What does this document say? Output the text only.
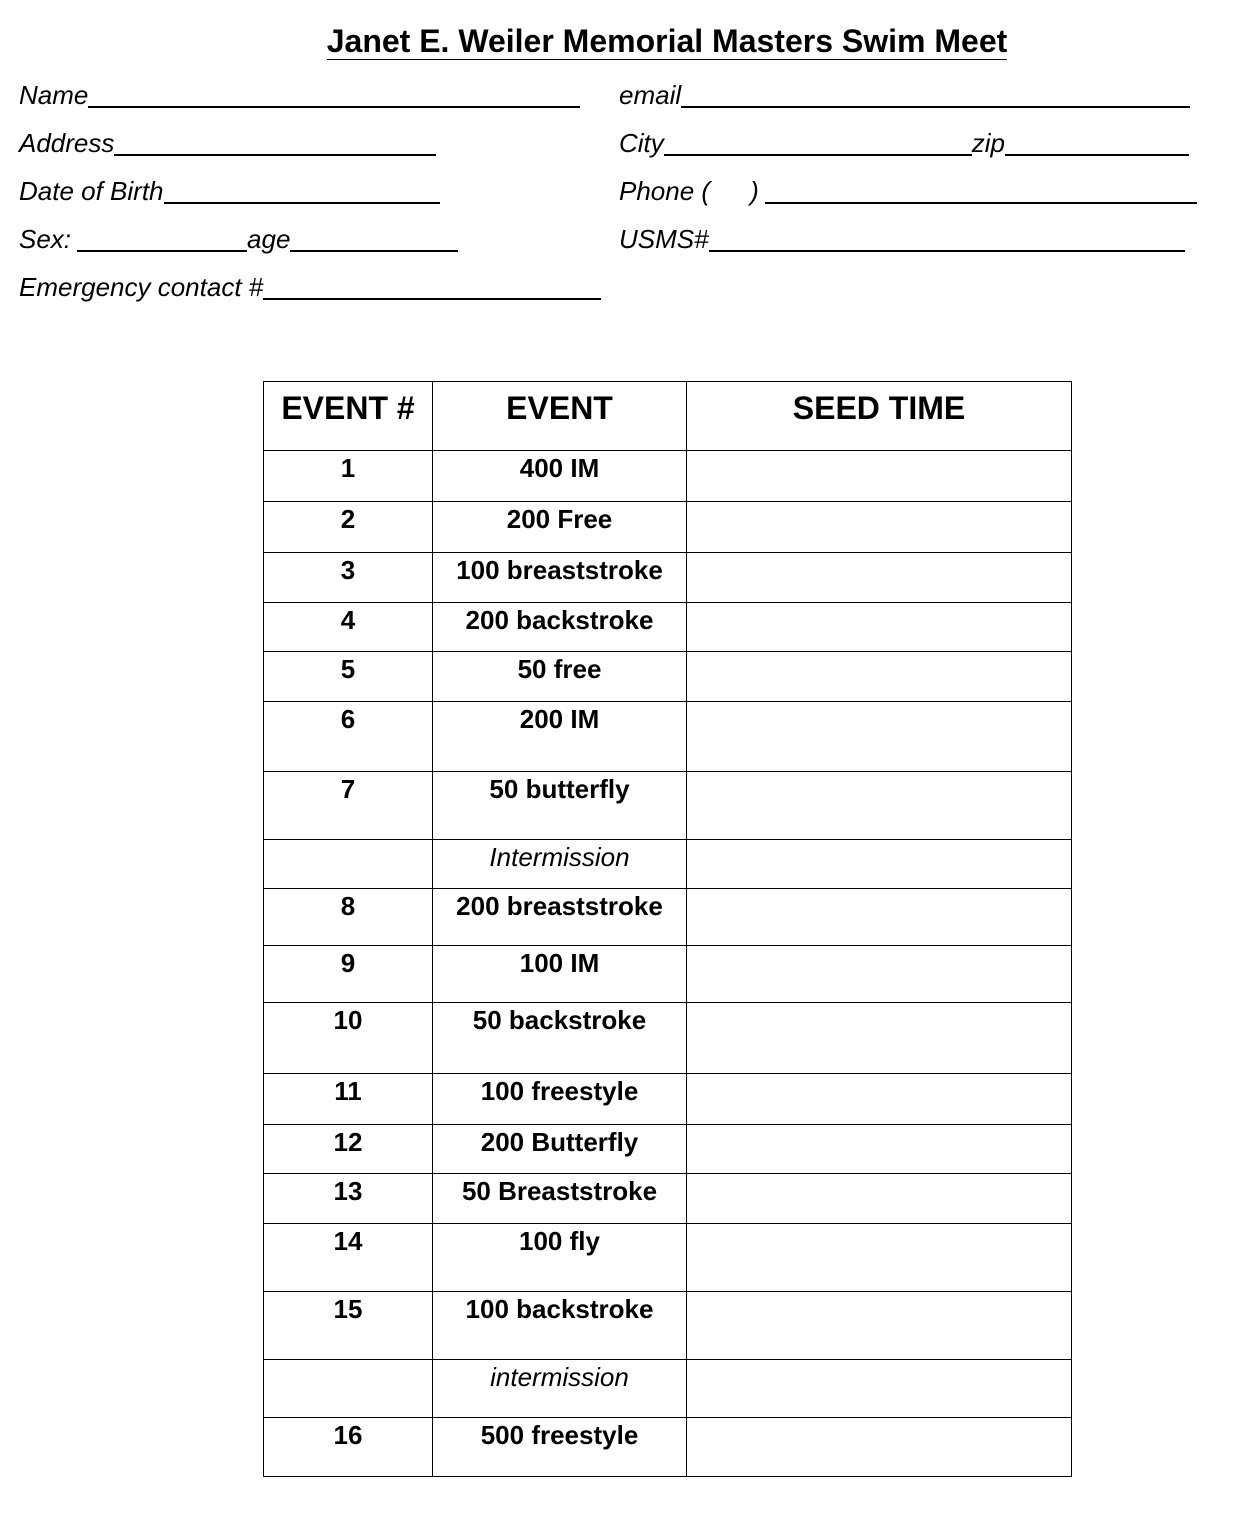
Janet E. Weiler Memorial Masters Swim Meet
Name
Address
Date of Birth
Sex:	age
Emergency contact #
email
City	zip
Phone ( )
USMS#
EVENT #	EVENT	SEED TIME
1	400 IM	
2	200 Free	
3	100 breaststroke	
4	200 backstroke	
5	50 free	
6	200 IM	
7	50 butterfly	
	Intermission	
8	200 breaststroke	
9	100 IM	
10	50 backstroke	
11	100 freestyle	
12	200 Butterfly	
13	50 Breaststroke	
14	100 fly	
15	100 backstroke	
	intermission	
16	500 freestyle	
